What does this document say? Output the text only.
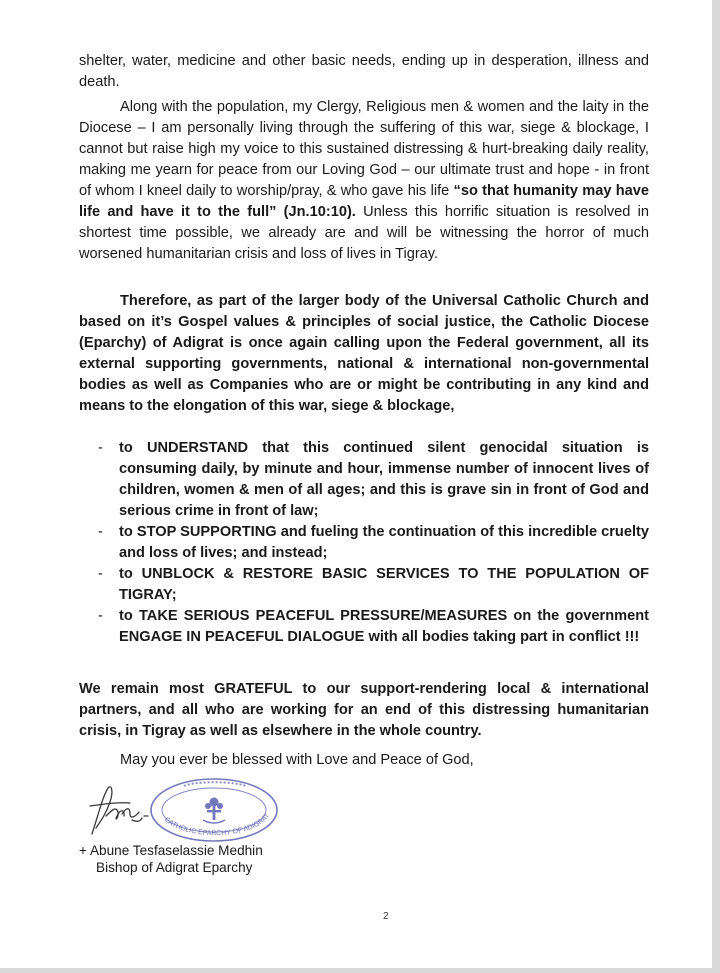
shelter, water, medicine and other basic needs, ending up in desperation, illness and death.

Along with the population, my Clergy, Religious men & women and the laity in the Diocese – I am personally living through the suffering of this war, siege & blockage, I cannot but raise high my voice to this sustained distressing & hurt-breaking daily reality, making me yearn for peace from our Loving God – our ultimate trust and hope - in front of whom I kneel daily to worship/pray, & who gave his life “so that humanity may have life and have it to the full” (Jn.10:10). Unless this horrific situation is resolved in shortest time possible, we already are and will be witnessing the horror of much worsened humanitarian crisis and loss of lives in Tigray.

Therefore, as part of the larger body of the Universal Catholic Church and based on it’s Gospel values & principles of social justice, the Catholic Diocese (Eparchy) of Adigrat is once again calling upon the Federal government, all its external supporting governments, national & international non-governmental bodies as well as Companies who are or might be contributing in any kind and means to the elongation of this war, siege & blockage,

- to UNDERSTAND that this continued silent genocidal situation is consuming daily, by minute and hour, immense number of innocent lives of children, women & men of all ages; and this is grave sin in front of God and serious crime in front of law;
- to STOP SUPPORTING and fueling the continuation of this incredible cruelty and loss of lives; and instead;
- to UNBLOCK & RESTORE BASIC SERVICES TO THE POPULATION OF TIGRAY;
- to TAKE SERIOUS PEACEFUL PRESSURE/MEASURES on the government ENGAGE IN PEACEFUL DIALOGUE with all bodies taking part in conflict !!!

We remain most GRATEFUL to our support-rendering local & international partners, and all who are working for an end of this distressing humanitarian crisis, in Tigray as well as elsewhere in the whole country.

May you ever be blessed with Love and Peace of God,

CATHOLIC EPARCHY OF ADIGRAT
+ Abune Tesfaselassie Medhin
Bishop of Adigrat Eparchy
2
